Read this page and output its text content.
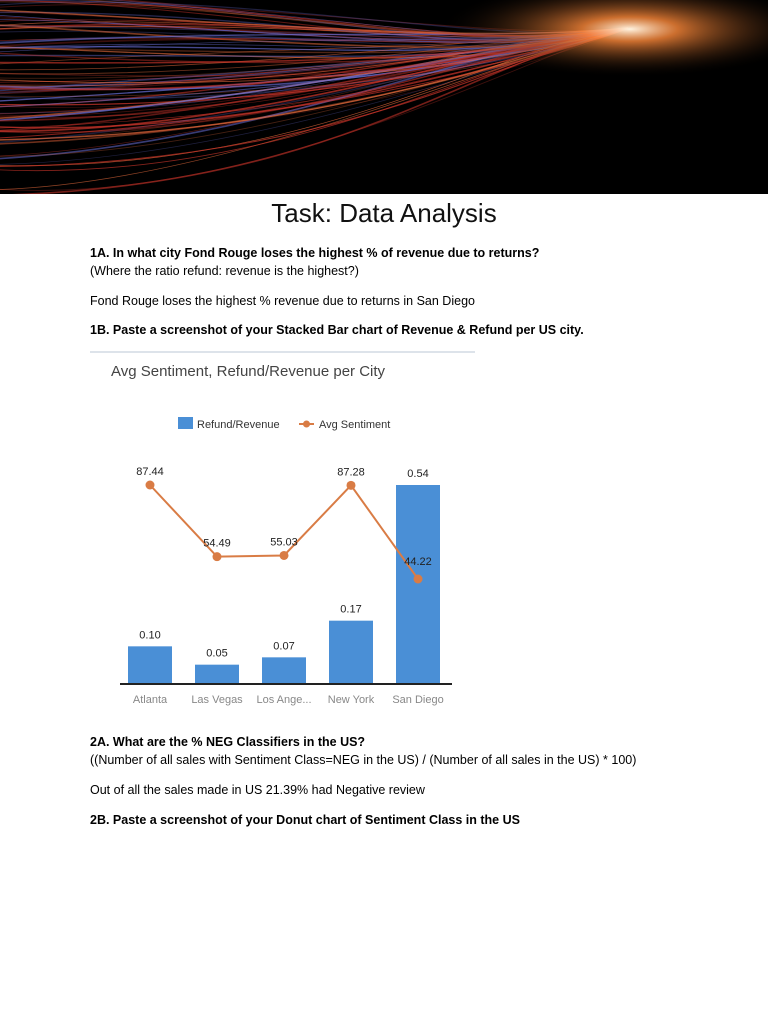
Task: Data Analysis
1A. In what city Fond Rouge loses the highest % of revenue due to returns?
(Where the ratio refund: revenue is the highest?)
Fond Rouge loses the highest % revenue due to returns in San Diego
1B. Paste a screenshot of your Stacked Bar chart of Revenue & Refund per US city.
Avg Sentiment, Refund/Revenue per City
Refund/Revenue	Avg Sentiment
0.10
0.05
0.07
0.17
0.54
87.44
54.49	55.03
87.28
44.22
Atlanta Las Vegas Los Ange... New York San Diego
2A. What are the % NEG Classifiers in the US?
((Number of all sales with Sentiment Class=NEG in the US) / (Number of all sales in the US) * 100)
Out of all the sales made in US 21.39% had Negative review
2B. Paste a screenshot of your Donut chart of Sentiment Class in the US
